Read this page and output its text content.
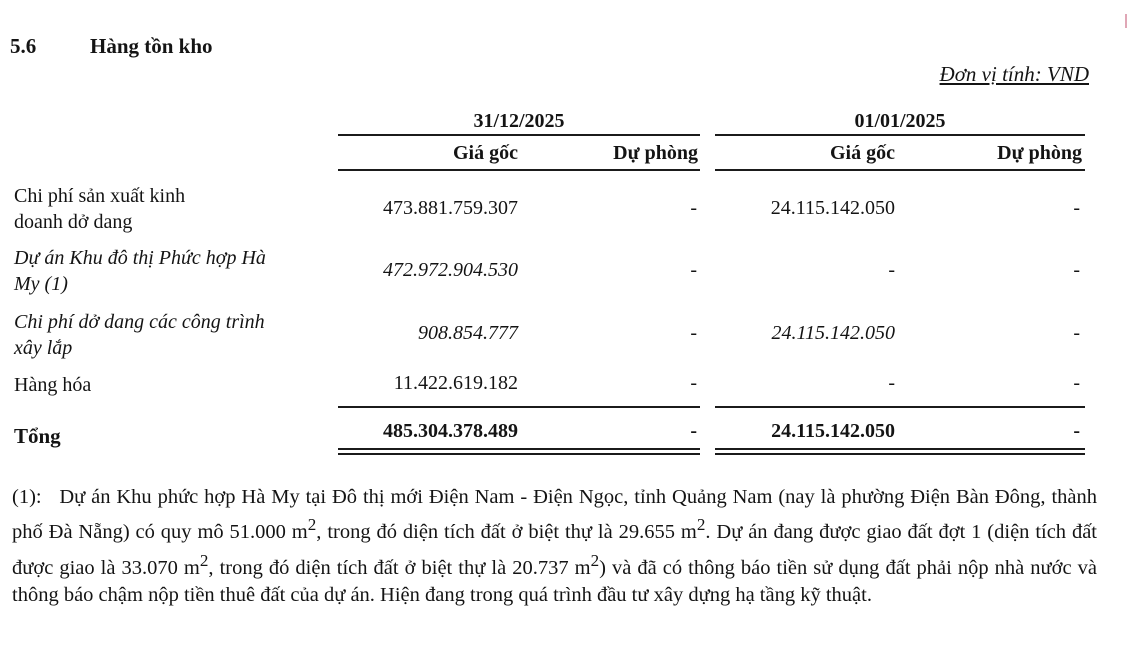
5.6	Hàng tồn kho
Đơn vị tính: VND
31/12/2025	01/01/2025
Giá gốc	Dự phòng	Giá gốc	Dự phòng
Chi phí sản xuất kinh
doanh dở dang
473.881.759.307	-	24.115.142.050	-
Dự án Khu đô thị Phức hợp Hà
My (1)
472.972.904.530	-	-	-
Chi phí dở dang các công trình
xây lắp
908.854.777	-	24.115.142.050	-
Hàng hóa	11.422.619.182	-	-	-
Tổng	485.304.378.489	-	24.115.142.050	-
(1): Dự án Khu phức hợp Hà My tại Đô thị mới Điện Nam - Điện Ngọc, tỉnh Quảng Nam (nay là phường Điện Bàn Đông, thành phố Đà Nẵng) có quy mô 51.000 $m^2$, trong đó diện tích đất ở biệt thự là 29.655 $m^2$. Dự án đang được giao đất đợt 1 (diện tích đất được giao là 33.070 $m^2$, trong đó diện tích đất ở biệt thự là 20.737 $m^2$) và đã có thông báo tiền sử dụng đất phải nộp nhà nước và thông báo chậm nộp tiền thuê đất của dự án. Hiện đang trong quá trình đầu tư xây dựng hạ tầng kỹ thuật.
